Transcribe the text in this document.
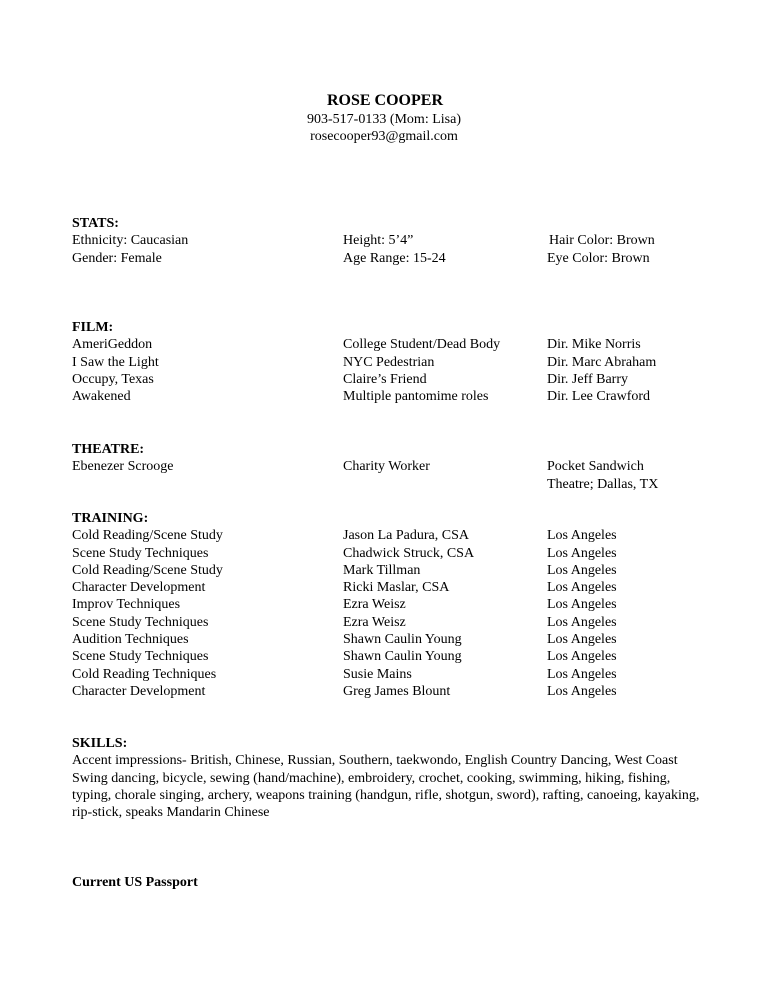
ROSE COOPER
903-517-0133 (Mom: Lisa)
rosecooper93@gmail.com
STATS:
Ethnicity: Caucasian	Height: 5’4”	Hair Color: Brown
Gender: Female	Age Range: 15-24	Eye Color: Brown
FILM:
AmeriGeddon	College Student/Dead Body	Dir. Mike Norris
I Saw the Light	NYC Pedestrian	Dir. Marc Abraham
Occupy, Texas	Claire’s Friend	Dir. Jeff Barry
Awakened	Multiple pantomime roles	Dir. Lee Crawford
THEATRE:
Ebenezer Scrooge	Charity Worker	Pocket Sandwich Theatre; Dallas, TX
TRAINING:
Cold Reading/Scene Study	Jason La Padura, CSA	Los Angeles
Scene Study Techniques	Chadwick Struck, CSA	Los Angeles
Cold Reading/Scene Study	Mark Tillman	Los Angeles
Character Development	Ricki Maslar, CSA	Los Angeles
Improv Techniques	Ezra Weisz	Los Angeles
Scene Study Techniques	Ezra Weisz	Los Angeles
Audition Techniques	Shawn Caulin Young	Los Angeles
Scene Study Techniques	Shawn Caulin Young	Los Angeles
Cold Reading Techniques	Susie Mains	Los Angeles
Character Development	Greg James Blount	Los Angeles
SKILLS:
Accent impressions- British, Chinese, Russian, Southern, taekwondo, English Country Dancing, West Coast Swing dancing, bicycle, sewing (hand/machine), embroidery, crochet, cooking, swimming, hiking, fishing, typing, chorale singing, archery, weapons training (handgun, rifle, shotgun, sword), rafting, canoeing, kayaking, rip-stick, speaks Mandarin Chinese
Current US Passport
